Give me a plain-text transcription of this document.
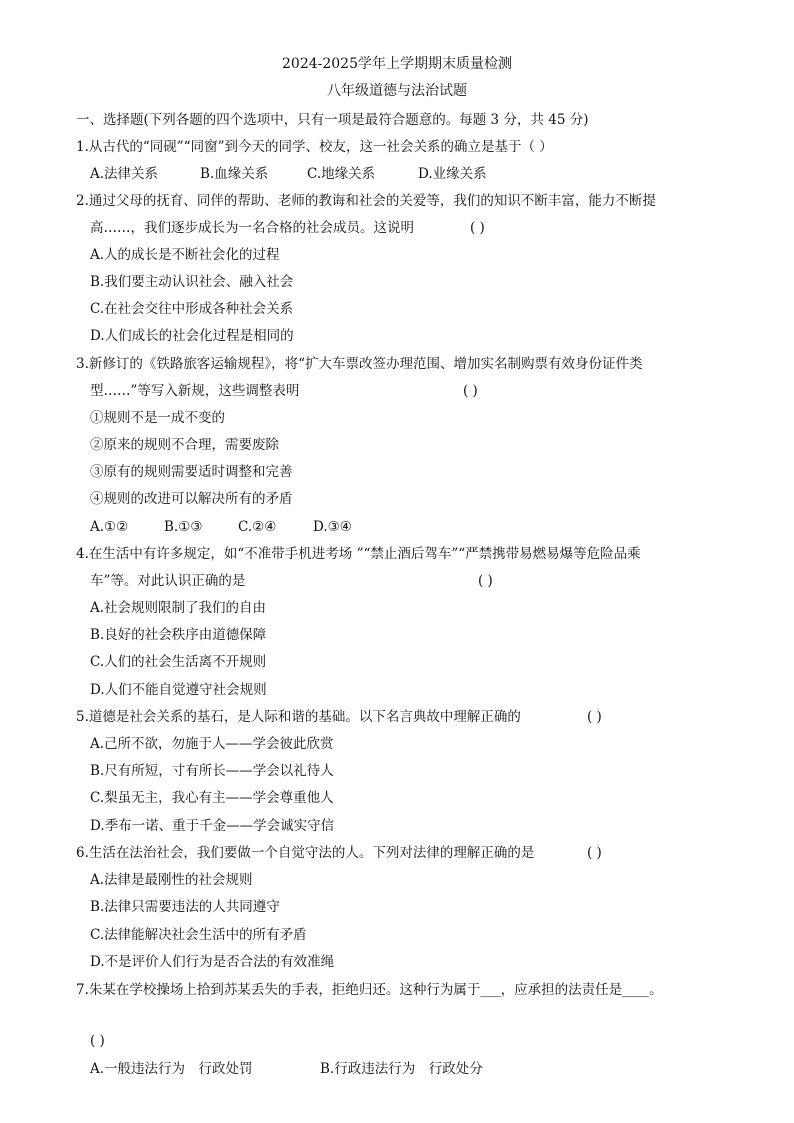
2024-2025学年上学期期末质量检测
八年级道德与法治试题
一、选择题(下列各题的四个选项中，只有一项是最符合题意的。每题 3 分，共 45 分)
1.从古代的“同砚”“同窗”到今天的同学、校友，这一社会关系的确立是基于（ ）
A.法律关系	B.血缘关系	C.地缘关系	D.业缘关系
2.通过父母的抚育、同伴的帮助、老师的教诲和社会的关爱等，我们的知识不断丰富，能力不断提
高……，我们逐步成长为一名合格的社会成员。这说明	( )
A.人的成长是不断社会化的过程
B.我们要主动认识社会、融入社会
C.在社会交往中形成各种社会关系
D.人们成长的社会化过程是相同的
3.新修订的《铁路旅客运输规程》，将“扩大车票改签办理范围、增加实名制购票有效身份证件类
型……”等写入新规，这些调整表明	( )
①规则不是一成不变的
②原来的规则不合理，需要废除
③原有的规则需要适时调整和完善
④规则的改进可以解决所有的矛盾
A.①②	B.①③	C.②④	D.③④
4.在生活中有许多规定，如“不准带手机进考场 ”“禁止酒后驾车”“严禁携带易燃易爆等危险品乘
车”等。对此认识正确的是	( )
A.社会规则限制了我们的自由
B.良好的社会秩序由道德保障
C.人们的社会生活离不开规则
D.人们不能自觉遵守社会规则
5.道德是社会关系的基石，是人际和谐的基础。以下名言典故中理解正确的	( )
A.己所不欲，勿施于人——学会彼此欣赏
B.尺有所短，寸有所长——学会以礼待人
C.梨虽无主，我心有主——学会尊重他人
D.季布一诺、重于千金——学会诚实守信
6.生活在法治社会，我们要做一个自觉守法的人。下列对法律的理解正确的是	( )
A.法律是最刚性的社会规则
B.法律只需要违法的人共同遵守
C.法律能解决社会生活中的所有矛盾
D.不是评价人们行为是否合法的有效准绳
7.朱某在学校操场上拾到苏某丢失的手表，拒绝归还。这种行为属于___，应承担的法责任是____。
( )
A.一般违法行为　行政处罚	B.行政违法行为　行政处分
